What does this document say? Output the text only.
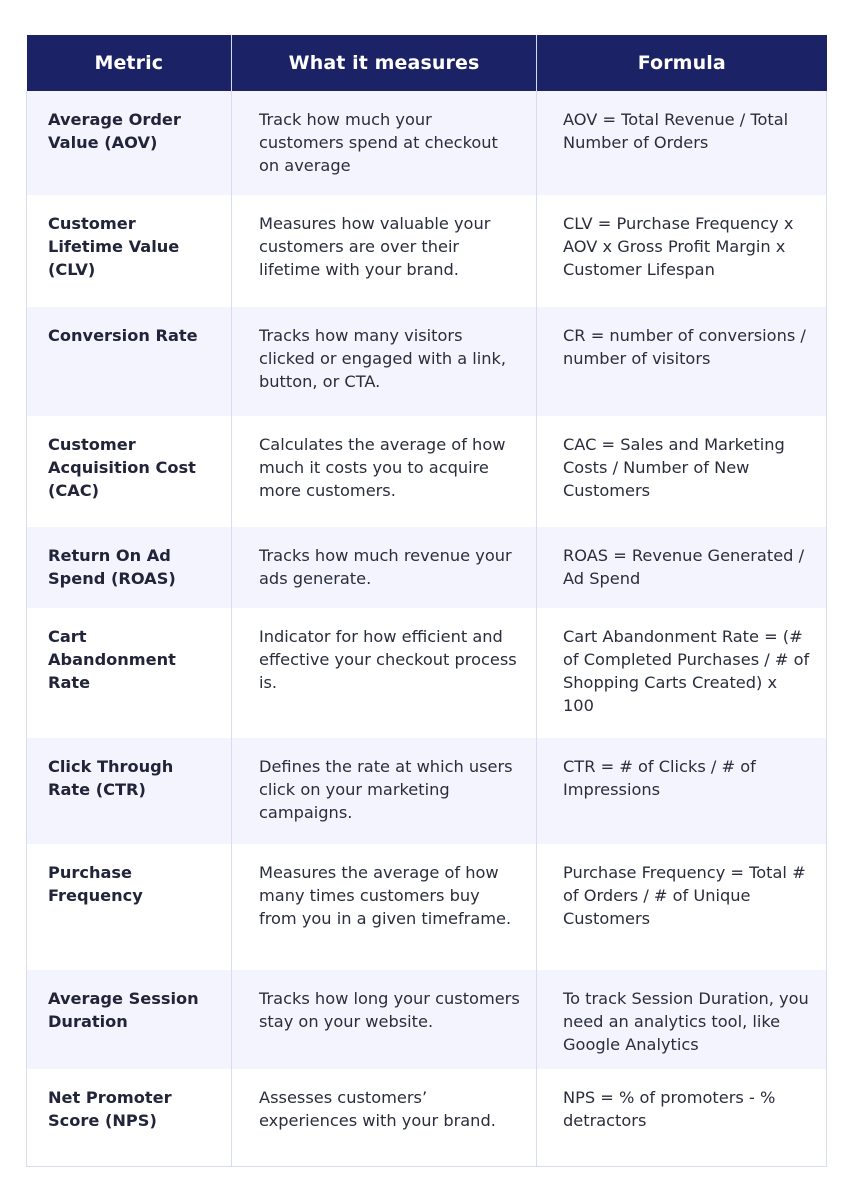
Metric	What it measures	Formula
Average Order Value (AOV)	Track how much your customers spend at checkout on average	AOV = Total Revenue / Total Number of Orders
Customer Lifetime Value (CLV)	Measures how valuable your customers are over their lifetime with your brand.	CLV = Purchase Frequency x AOV x Gross Profit Margin x Customer Lifespan
Conversion Rate	Tracks how many visitors clicked or engaged with a link, button, or CTA.	CR = number of conversions / number of visitors
Customer Acquisition Cost (CAC)	Calculates the average of how much it costs you to acquire more customers.	CAC = Sales and Marketing Costs / Number of New Customers
Return On Ad Spend (ROAS)	Tracks how much revenue your ads generate.	ROAS = Revenue Generated / Ad Spend
Cart Abandonment Rate	Indicator for how efficient and effective your checkout process is.	Cart Abandonment Rate = (# of Completed Purchases / # of Shopping Carts Created) x 100
Click Through Rate (CTR)	Defines the rate at which users click on your marketing campaigns.	CTR = # of Clicks / # of Impressions
Purchase Frequency	Measures the average of how many times customers buy from you in a given timeframe.	Purchase Frequency = Total # of Orders / # of Unique Customers
Average Session Duration	Tracks how long your customers stay on your website.	To track Session Duration, you need an analytics tool, like Google Analytics
Net Promoter Score (NPS)	Assesses customers’ experiences with your brand.	NPS = % of promoters - % detractors
